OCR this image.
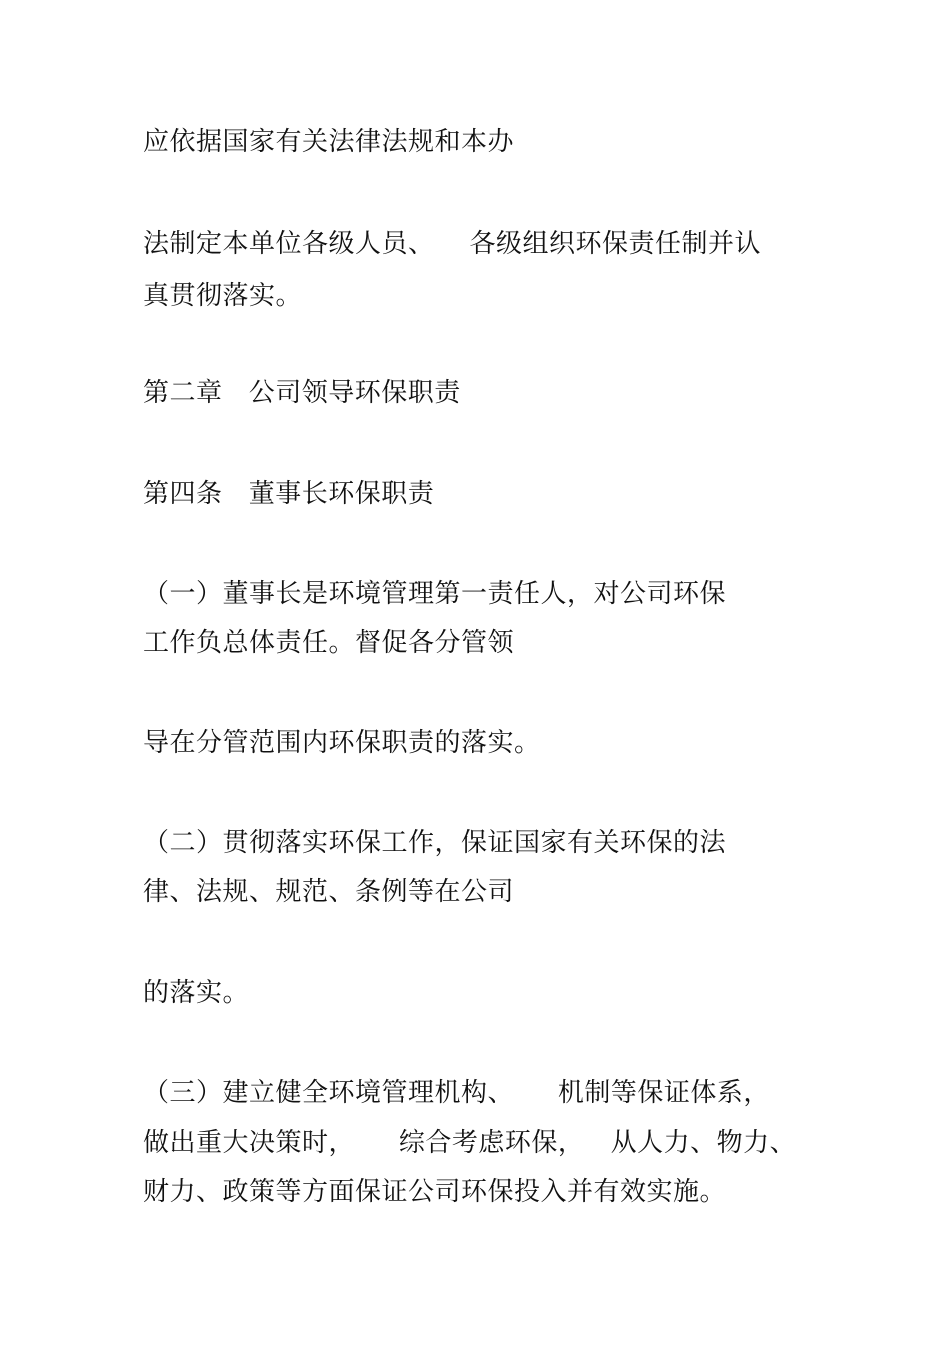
应依据国家有关法律法规和本办
法制定本单位各级人员、    各级组织环保责任制并认
真贯彻落实。
第二章   公司领导环保职责
第四条   董事长环保职责
（一）董事长是环境管理第一责任人，对公司环保
工作负总体责任。督促各分管领
导在分管范围内环保职责的落实。
（二）贯彻落实环保工作，保证国家有关环保的法
律、法规、规范、条例等在公司
的落实。
（三）建立健全环境管理机构、     机制等保证体系，
做出重大决策时，     综合考虑环保，   从人力、物力、
财力、政策等方面保证公司环保投入并有效实施。
